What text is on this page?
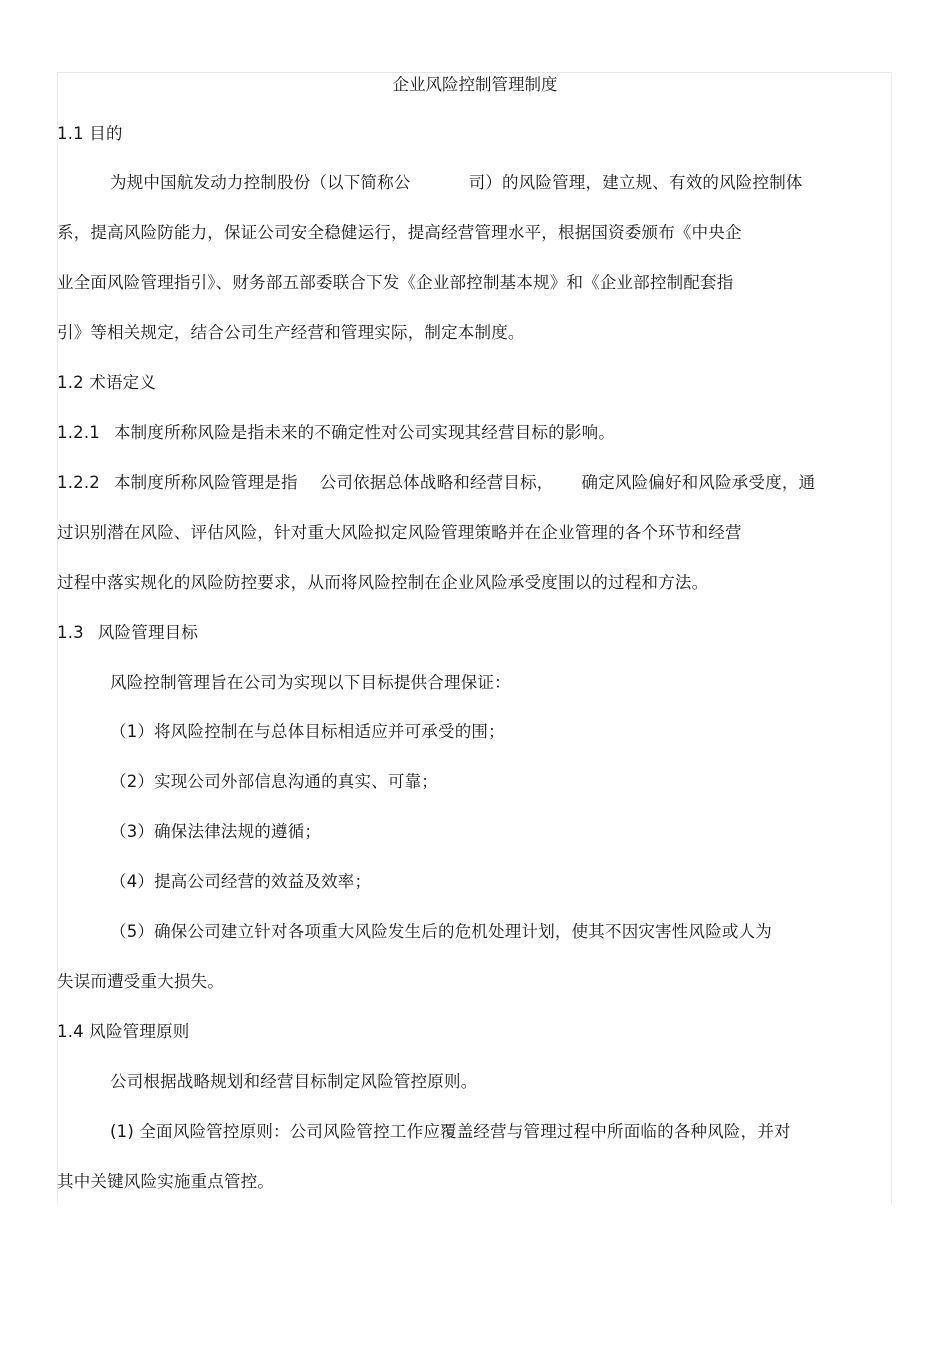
企业风险控制管理制度
1.1 目的
为规中国航发动力控制股份（以下简称公	司）的风险管理，建立规、有效的风险控制体
系，提高风险防能力，保证公司安全稳健运行，提高经营管理水平，根据国资委颁布《中央企
业全面风险管理指引》、财务部五部委联合下发《企业部控制基本规》和《企业部控制配套指
引》等相关规定，结合公司生产经营和管理实际，制定本制度。
1.2 术语定义
1.2.1 本制度所称风险是指未来的不确定性对公司实现其经营目标的影响。
1.2.2 本制度所称风险管理是指 公司依据总体战略和经营目标， 确定风险偏好和风险承受度，通
过识别潜在风险、评估风险，针对重大风险拟定风险管理策略并在企业管理的各个环节和经营
过程中落实规化的风险防控要求，从而将风险控制在企业风险承受度围以的过程和方法。
1.3 风险管理目标
风险控制管理旨在公司为实现以下目标提供合理保证：
（1）将风险控制在与总体目标相适应并可承受的围；
（2）实现公司外部信息沟通的真实、可靠；
（3）确保法律法规的遵循；
（4）提高公司经营的效益及效率；
（5）确保公司建立针对各项重大风险发生后的危机处理计划，使其不因灾害性风险或人为
失误而遭受重大损失。
1.4 风险管理原则
公司根据战略规划和经营目标制定风险管控原则。
(1) 全面风险管控原则：公司风险管控工作应覆盖经营与管理过程中所面临的各种风险，并对
其中关键风险实施重点管控。
